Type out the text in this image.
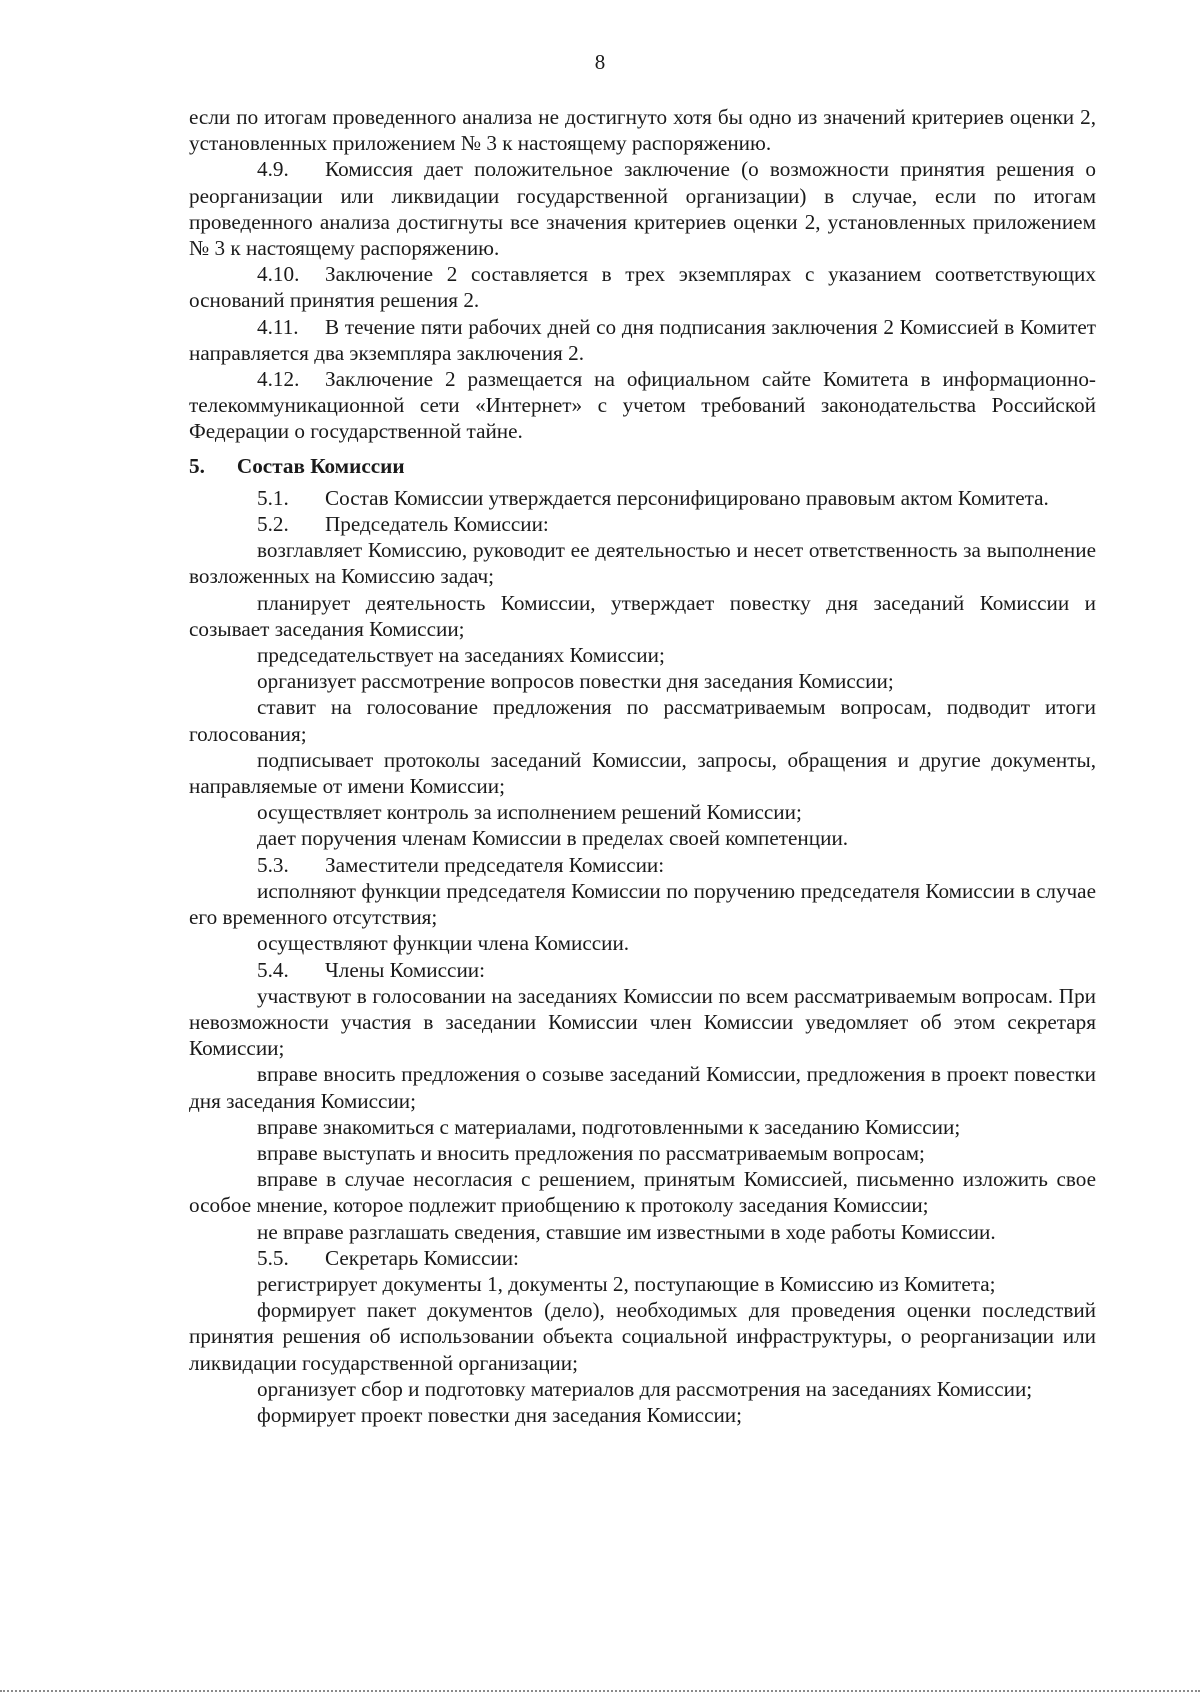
8

если по итогам проведенного анализа не достигнуто хотя бы одно из значений критериев оценки 2, установленных приложением № 3 к настоящему распоряжению.

4.9. Комиссия дает положительное заключение (о возможности принятия решения о реорганизации или ликвидации государственной организации) в случае, если по итогам проведенного анализа достигнуты все значения критериев оценки 2, установленных приложением № 3 к настоящему распоряжению.

4.10. Заключение 2 составляется в трех экземплярах с указанием соответствующих оснований принятия решения 2.

4.11. В течение пяти рабочих дней со дня подписания заключения 2 Комиссией в Комитет направляется два экземпляра заключения 2.

4.12. Заключение 2 размещается на официальном сайте Комитета в информационно-телекоммуникационной сети «Интернет» с учетом требований законодательства Российской Федерации о государственной тайне.

5. Состав Комиссии

5.1. Состав Комиссии утверждается персонифицировано правовым актом Комитета.

5.2. Председатель Комиссии:

возглавляет Комиссию, руководит ее деятельностью и несет ответственность за выполнение возложенных на Комиссию задач;

планирует деятельность Комиссии, утверждает повестку дня заседаний Комиссии и созывает заседания Комиссии;

председательствует на заседаниях Комиссии;

организует рассмотрение вопросов повестки дня заседания Комиссии;

ставит на голосование предложения по рассматриваемым вопросам, подводит итоги голосования;

подписывает протоколы заседаний Комиссии, запросы, обращения и другие документы, направляемые от имени Комиссии;

осуществляет контроль за исполнением решений Комиссии;

дает поручения членам Комиссии в пределах своей компетенции.

5.3. Заместители председателя Комиссии:

исполняют функции председателя Комиссии по поручению председателя Комиссии в случае его временного отсутствия;

осуществляют функции члена Комиссии.

5.4. Члены Комиссии:

участвуют в голосовании на заседаниях Комиссии по всем рассматриваемым вопросам. При невозможности участия в заседании Комиссии член Комиссии уведомляет об этом секретаря Комиссии;

вправе вносить предложения о созыве заседаний Комиссии, предложения в проект повестки дня заседания Комиссии;

вправе знакомиться с материалами, подготовленными к заседанию Комиссии;

вправе выступать и вносить предложения по рассматриваемым вопросам;

вправе в случае несогласия с решением, принятым Комиссией, письменно изложить свое особое мнение, которое подлежит приобщению к протоколу заседания Комиссии;

не вправе разглашать сведения, ставшие им известными в ходе работы Комиссии.

5.5. Секретарь Комиссии:

регистрирует документы 1, документы 2, поступающие в Комиссию из Комитета;

формирует пакет документов (дело), необходимых для проведения оценки последствий принятия решения об использовании объекта социальной инфраструктуры, о реорганизации или ликвидации государственной организации;

организует сбор и подготовку материалов для рассмотрения на заседаниях Комиссии;

формирует проект повестки дня заседания Комиссии;
